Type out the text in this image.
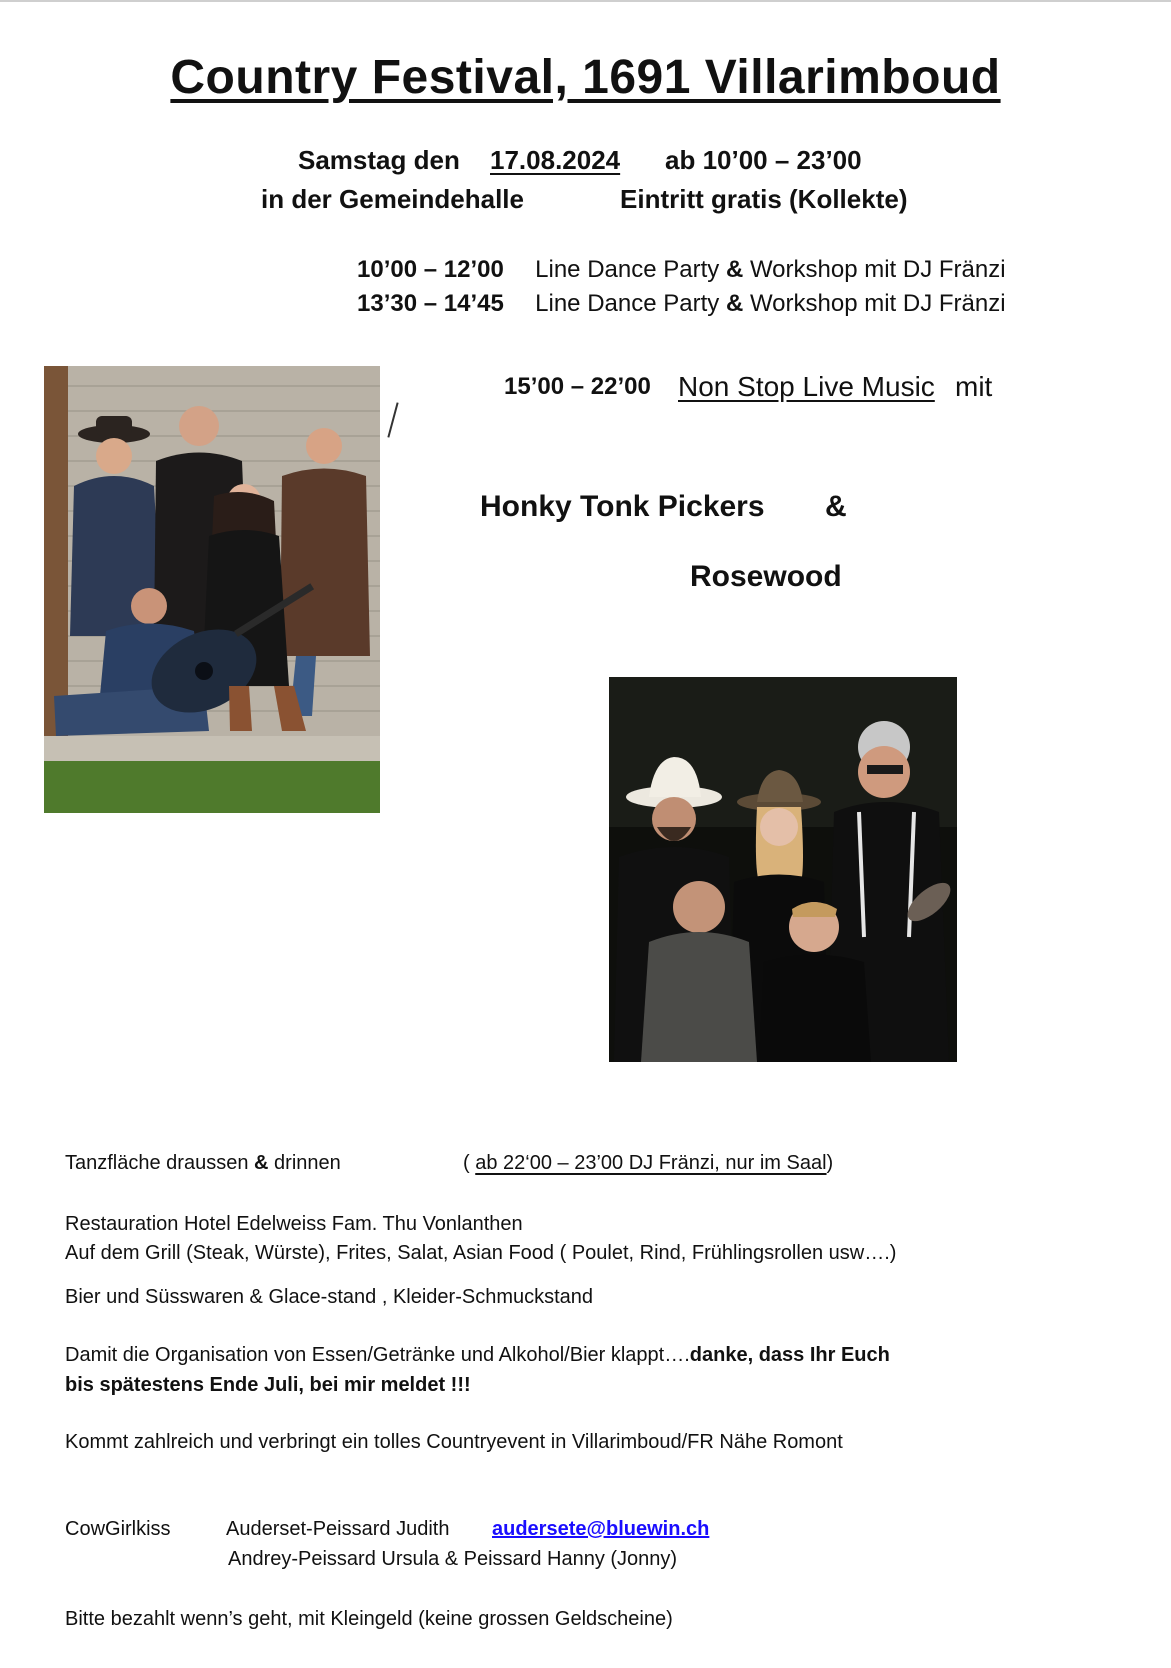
Country Festival, 1691 Villarimboud
Samstag den 17.08.2024 ab 10’00 – 23’00
in der Gemeindehalle	Eintritt gratis (Kollekte)
10’00 – 12’00 Line Dance Party & Workshop mit DJ Fränzi
13’30 – 14’45 Line Dance Party & Workshop mit DJ Fränzi
15’00 – 22’00 Non Stop Live Music mit
Honky Tonk Pickers &
Rosewood
Tanzfläche draussen & drinnen	( ab 22‘00 – 23’00 DJ Fränzi, nur im Saal)
Restauration Hotel Edelweiss Fam. Thu Vonlanthen
Auf dem Grill (Steak, Würste), Frites, Salat, Asian Food ( Poulet, Rind, Frühlingsrollen usw….)
Bier und Süsswaren & Glace-stand , Kleider-Schmuckstand
Damit die Organisation von Essen/Getränke und Alkohol/Bier klappt….danke, dass Ihr Euch
bis spätestens Ende Juli, bei mir meldet !!!
Kommt zahlreich und verbringt ein tolles Countryevent in Villarimboud/FR Nähe Romont
CowGirlkiss	Auderset-Peissard Judith audersete@bluewin.ch
Andrey-Peissard Ursula & Peissard Hanny (Jonny)
Bitte bezahlt wenn’s geht, mit Kleingeld (keine grossen Geldscheine)
